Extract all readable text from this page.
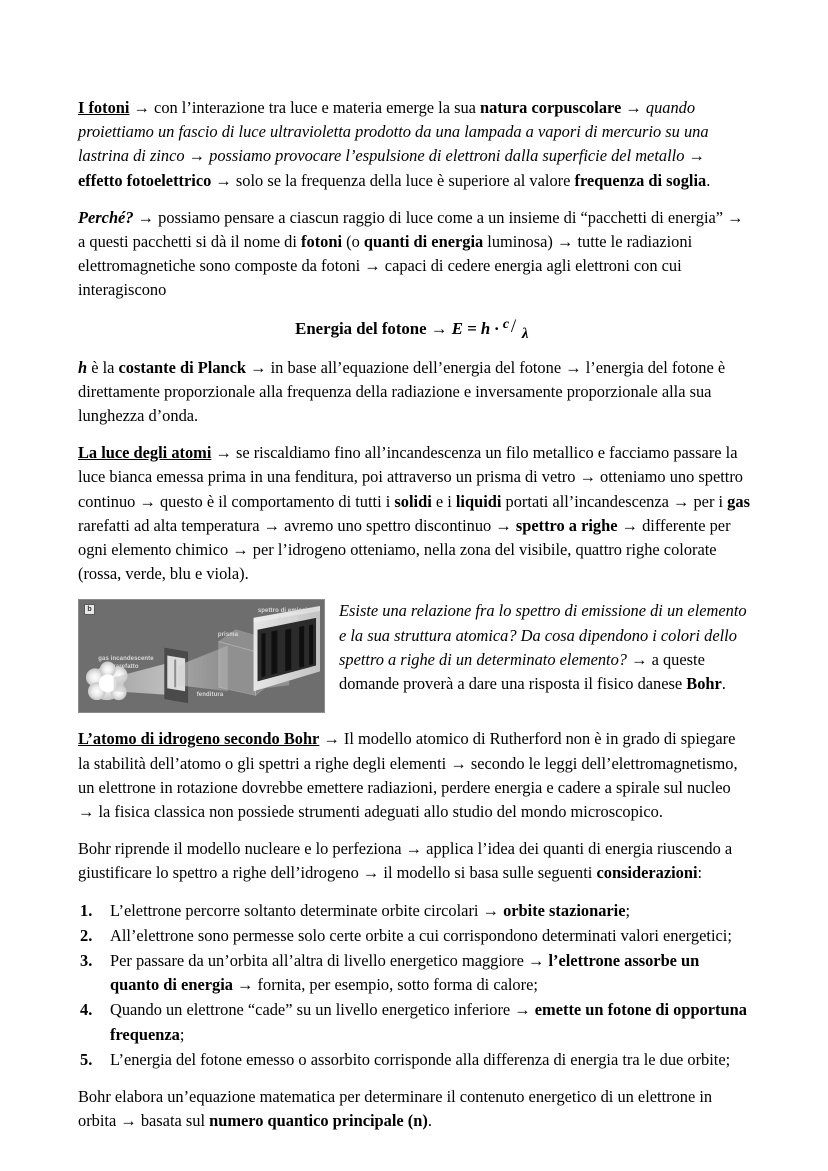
I fotoni → con l’interazione tra luce e materia emerge la sua natura corpuscolare → quando proiettiamo un fascio di luce ultravioletta prodotto da una lampada a vapori di mercurio su una lastrina di zinco → possiamo provocare l’espulsione di elettroni dalla superficie del metallo → effetto fotoelettrico → solo se la frequenza della luce è superiore al valore frequenza di soglia.

Perché? → possiamo pensare a ciascun raggio di luce come a un insieme di “pacchetti di energia” → a questi pacchetti si dà il nome di fotoni (o quanti di energia luminosa) → tutte le radiazioni elettromagnetiche sono composte da fotoni → capaci di cedere energia agli elettroni con cui interagiscono

Energia del fotone → E = h · c / λ

h è la costante di Planck → in base all’equazione dell’energia del fotone → l’energia del fotone è direttamente proporzionale alla frequenza della radiazione e inversamente proporzionale alla sua lunghezza d’onda.

La luce degli atomi → se riscaldiamo fino all’incandescenza un filo metallico e facciamo passare la luce bianca emessa prima in una fenditura, poi attraverso un prisma di vetro → otteniamo uno spettro continuo → questo è il comportamento di tutti i solidi e i liquidi portati all’incandescenza → per i gas rarefatti ad alta temperatura → avremo uno spettro discontinuo → spettro a righe → differente per ogni elemento chimico → per l’idrogeno otteniamo, nella zona del visibile, quattro righe colorate (rossa, verde, blu e viola).

b
gas incandescente rarefatto
fenditura
prisma
spettro di emissione a righe	Esiste una relazione fra lo spettro di emissione di un elemento e la sua struttura atomica? Da cosa dipendono i colori dello spettro a righe di un determinato elemento? → a queste domande proverà a dare una risposta il fisico danese Bohr.

L’atomo di idrogeno secondo Bohr → Il modello atomico di Rutherford non è in grado di spiegare la stabilità dell’atomo o gli spettri a righe degli elementi → secondo le leggi dell’elettromagnetismo, un elettrone in rotazione dovrebbe emettere radiazioni, perdere energia e cadere a spirale sul nucleo → la fisica classica non possiede strumenti adeguati allo studio del mondo microscopico.

Bohr riprende il modello nucleare e lo perfeziona → applica l’idea dei quanti di energia riuscendo a giustificare lo spettro a righe dell’idrogeno → il modello si basa sulle seguenti considerazioni:

1. L’elettrone percorre soltanto determinate orbite circolari → orbite stazionarie;
2. All’elettrone sono permesse solo certe orbite a cui corrispondono determinati valori energetici;
3. Per passare da un’orbita all’altra di livello energetico maggiore → l’elettrone assorbe un quanto di energia → fornita, per esempio, sotto forma di calore;
4. Quando un elettrone “cade” su un livello energetico inferiore → emette un fotone di opportuna frequenza;
5. L’energia del fotone emesso o assorbito corrisponde alla differenza di energia tra le due orbite;

Bohr elabora un’equazione matematica per determinare il contenuto energetico di un elettrone in orbita → basata sul numero quantico principale (n).
